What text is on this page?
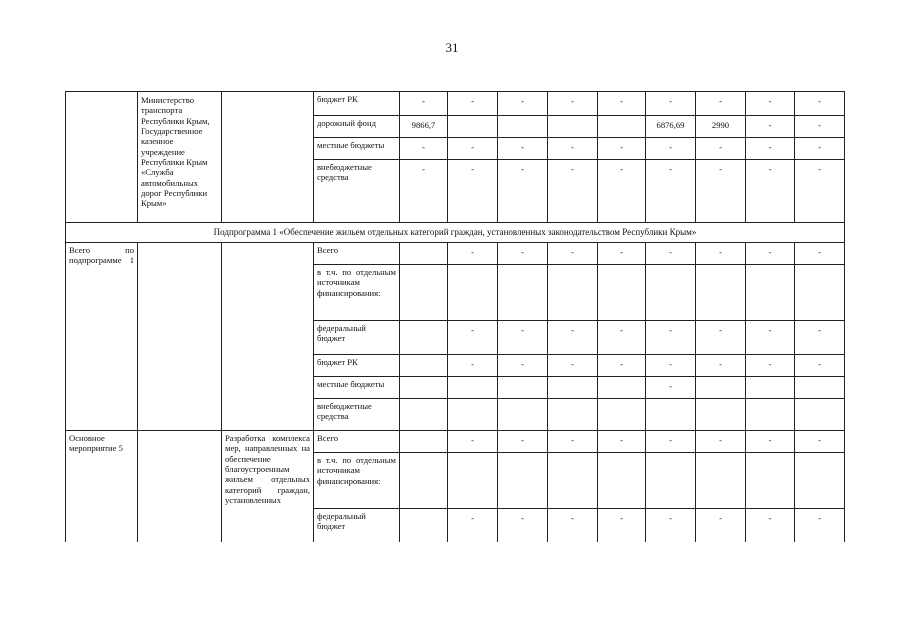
31
	Министерство транспорта Республики Крым, Государственное казенное учреждение Республики Крым «Служба автомобильных дорог Республики Крым»		бюджет РК	-	-	-	-	-	-	-	-	-
			дорожный фонд	9866,7					6876,69	2990	-	-
			местные бюджеты	-	-	-	-	-	-	-	-	-
			внебюджетные средства	-	-	-	-	-	-	-	-	-
Подпрограмма 1 «Обеспечение жильем отдельных категорий граждан, установленных законодательством Республики Крым»												
Всего по подпрограмме 1			Всего		-	-	-	-	-	-	-	-
			в т.ч. по отдельным источникам финансирования:									
			федеральный бюджет		-	-	-	-	-	-	-	-
			бюджет РК		-	-	-	-	-	-	-	-
			местные бюджеты						-			
			внебюджетные средства									
Основное мероприятие 5		Разработка комплекса мер, направленных на обеспечение благоустроенным жильем отдельных категорий граждан, установленных	Всего		-	-	-	-	-	-	-	-
			в т.ч. по отдельным источникам финансирования:									
			федеральный бюджет		-	-	-	-	-	-	-	-
